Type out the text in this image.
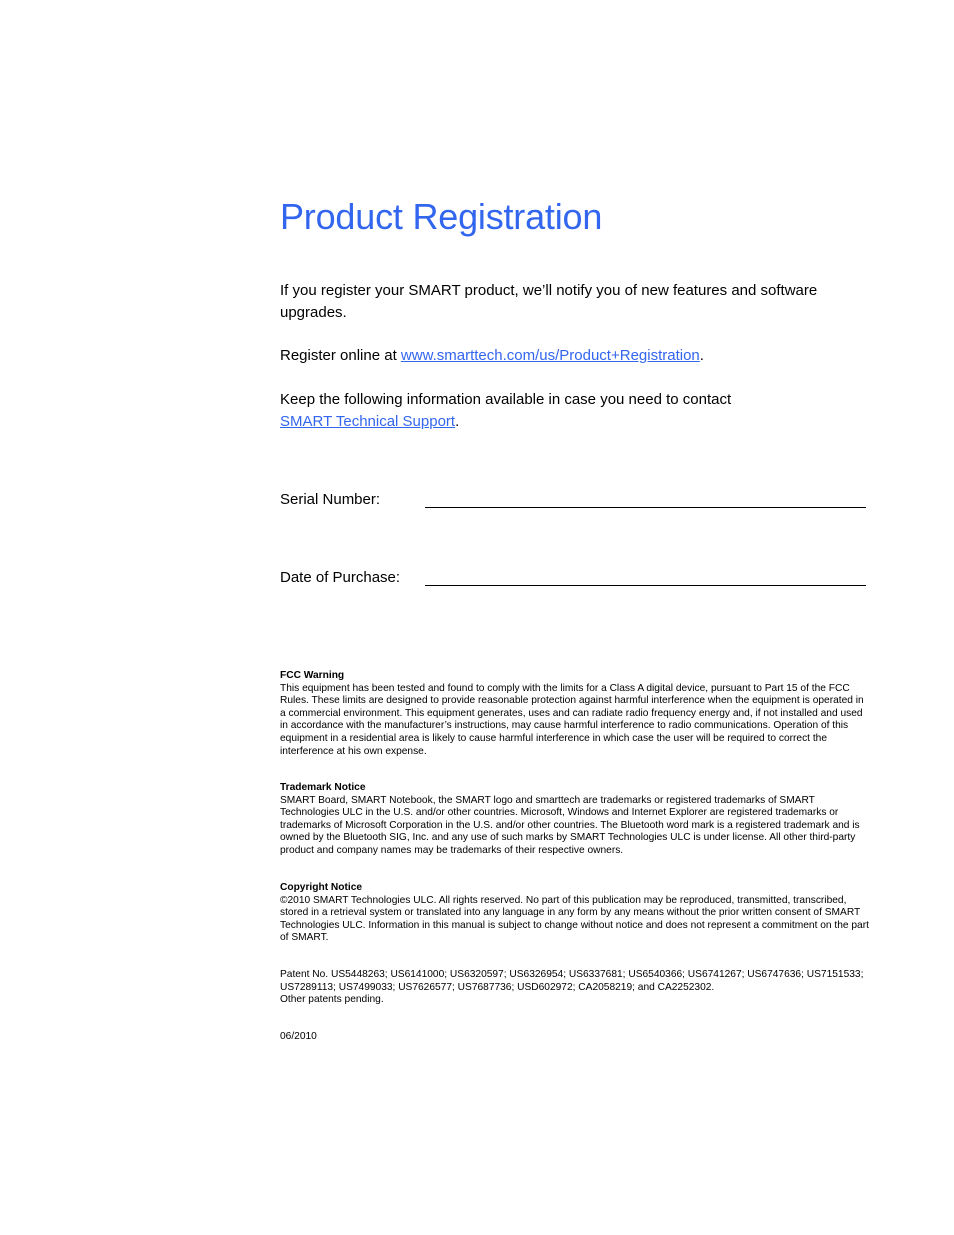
Product Registration

If you register your SMART product, we’ll notify you of new features and software upgrades.

Register online at www.smarttech.com/us/Product+Registration.

Keep the following information available in case you need to contact
SMART Technical Support.

Serial Number:
Date of Purchase:
FCC Warning
This equipment has been tested and found to comply with the limits for a Class A digital device, pursuant to Part 15 of the FCC Rules. These limits are designed to provide reasonable protection against harmful interference when the equipment is operated in a commercial environment. This equipment generates, uses and can radiate radio frequency energy and, if not installed and used in accordance with the manufacturer’s instructions, may cause harmful interference to radio communications. Operation of this equipment in a residential area is likely to cause harmful interference in which case the user will be required to correct the interference at his own expense.
Trademark Notice
SMART Board, SMART Notebook, the SMART logo and smarttech are trademarks or registered trademarks of SMART Technologies ULC in the U.S. and/or other countries. Microsoft, Windows and Internet Explorer are registered trademarks or trademarks of Microsoft Corporation in the U.S. and/or other countries. The Bluetooth word mark is a registered trademark and is owned by the Bluetooth SIG, Inc. and any use of such marks by SMART Technologies ULC is under license. All other third-party product and company names may be trademarks of their respective owners.
Copyright Notice
©2010 SMART Technologies ULC. All rights reserved. No part of this publication may be reproduced, transmitted, transcribed, stored in a retrieval system or translated into any language in any form by any means without the prior written consent of SMART Technologies ULC. Information in this manual is subject to change without notice and does not represent a commitment on the part of SMART.
Patent No. US5448263; US6141000; US6320597; US6326954; US6337681; US6540366; US6741267; US6747636; US7151533; US7289113; US7499033; US7626577; US7687736; USD602972; CA2058219; and CA2252302.
Other patents pending.
06/2010
